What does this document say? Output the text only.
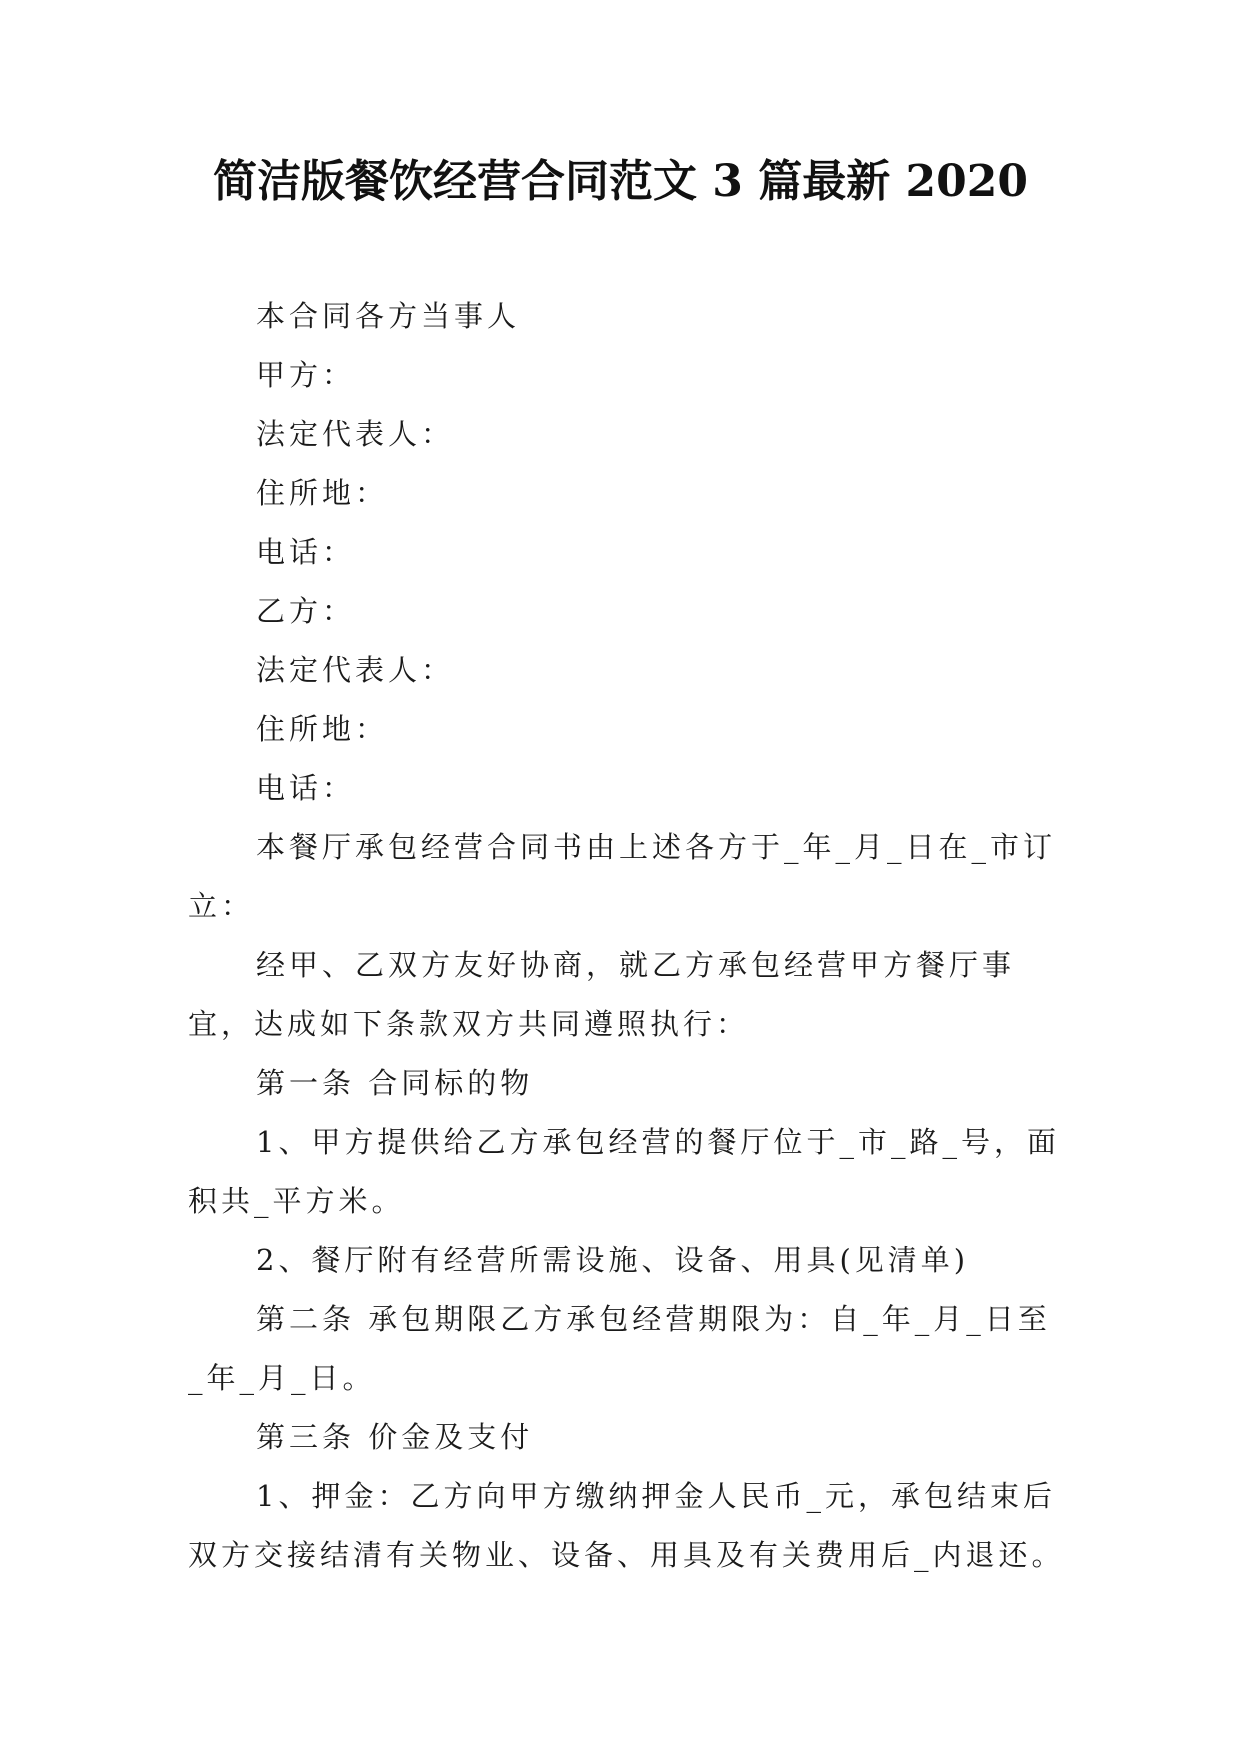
简洁版餐饮经营合同范文 3 篇最新 2020

本合同各方当事人

甲方：

法定代表人：

住所地：

电话：

乙方：

法定代表人：

住所地：

电话：

本餐厅承包经营合同书由上述各方于_年_月_日在_市订立：

经甲、乙双方友好协商，就乙方承包经营甲方餐厅事宜，达成如下条款双方共同遵照执行：

第一条 合同标的物

1、甲方提供给乙方承包经营的餐厅位于_市_路_号，面积共_平方米。

2、餐厅附有经营所需设施、设备、用具(见清单)

第二条 承包期限乙方承包经营期限为：自_年_月_日至_年_月_日。

第三条 价金及支付

1、押金：乙方向甲方缴纳押金人民币_元，承包结束后双方交接结清有关物业、设备、用具及有关费用后_内退还。
